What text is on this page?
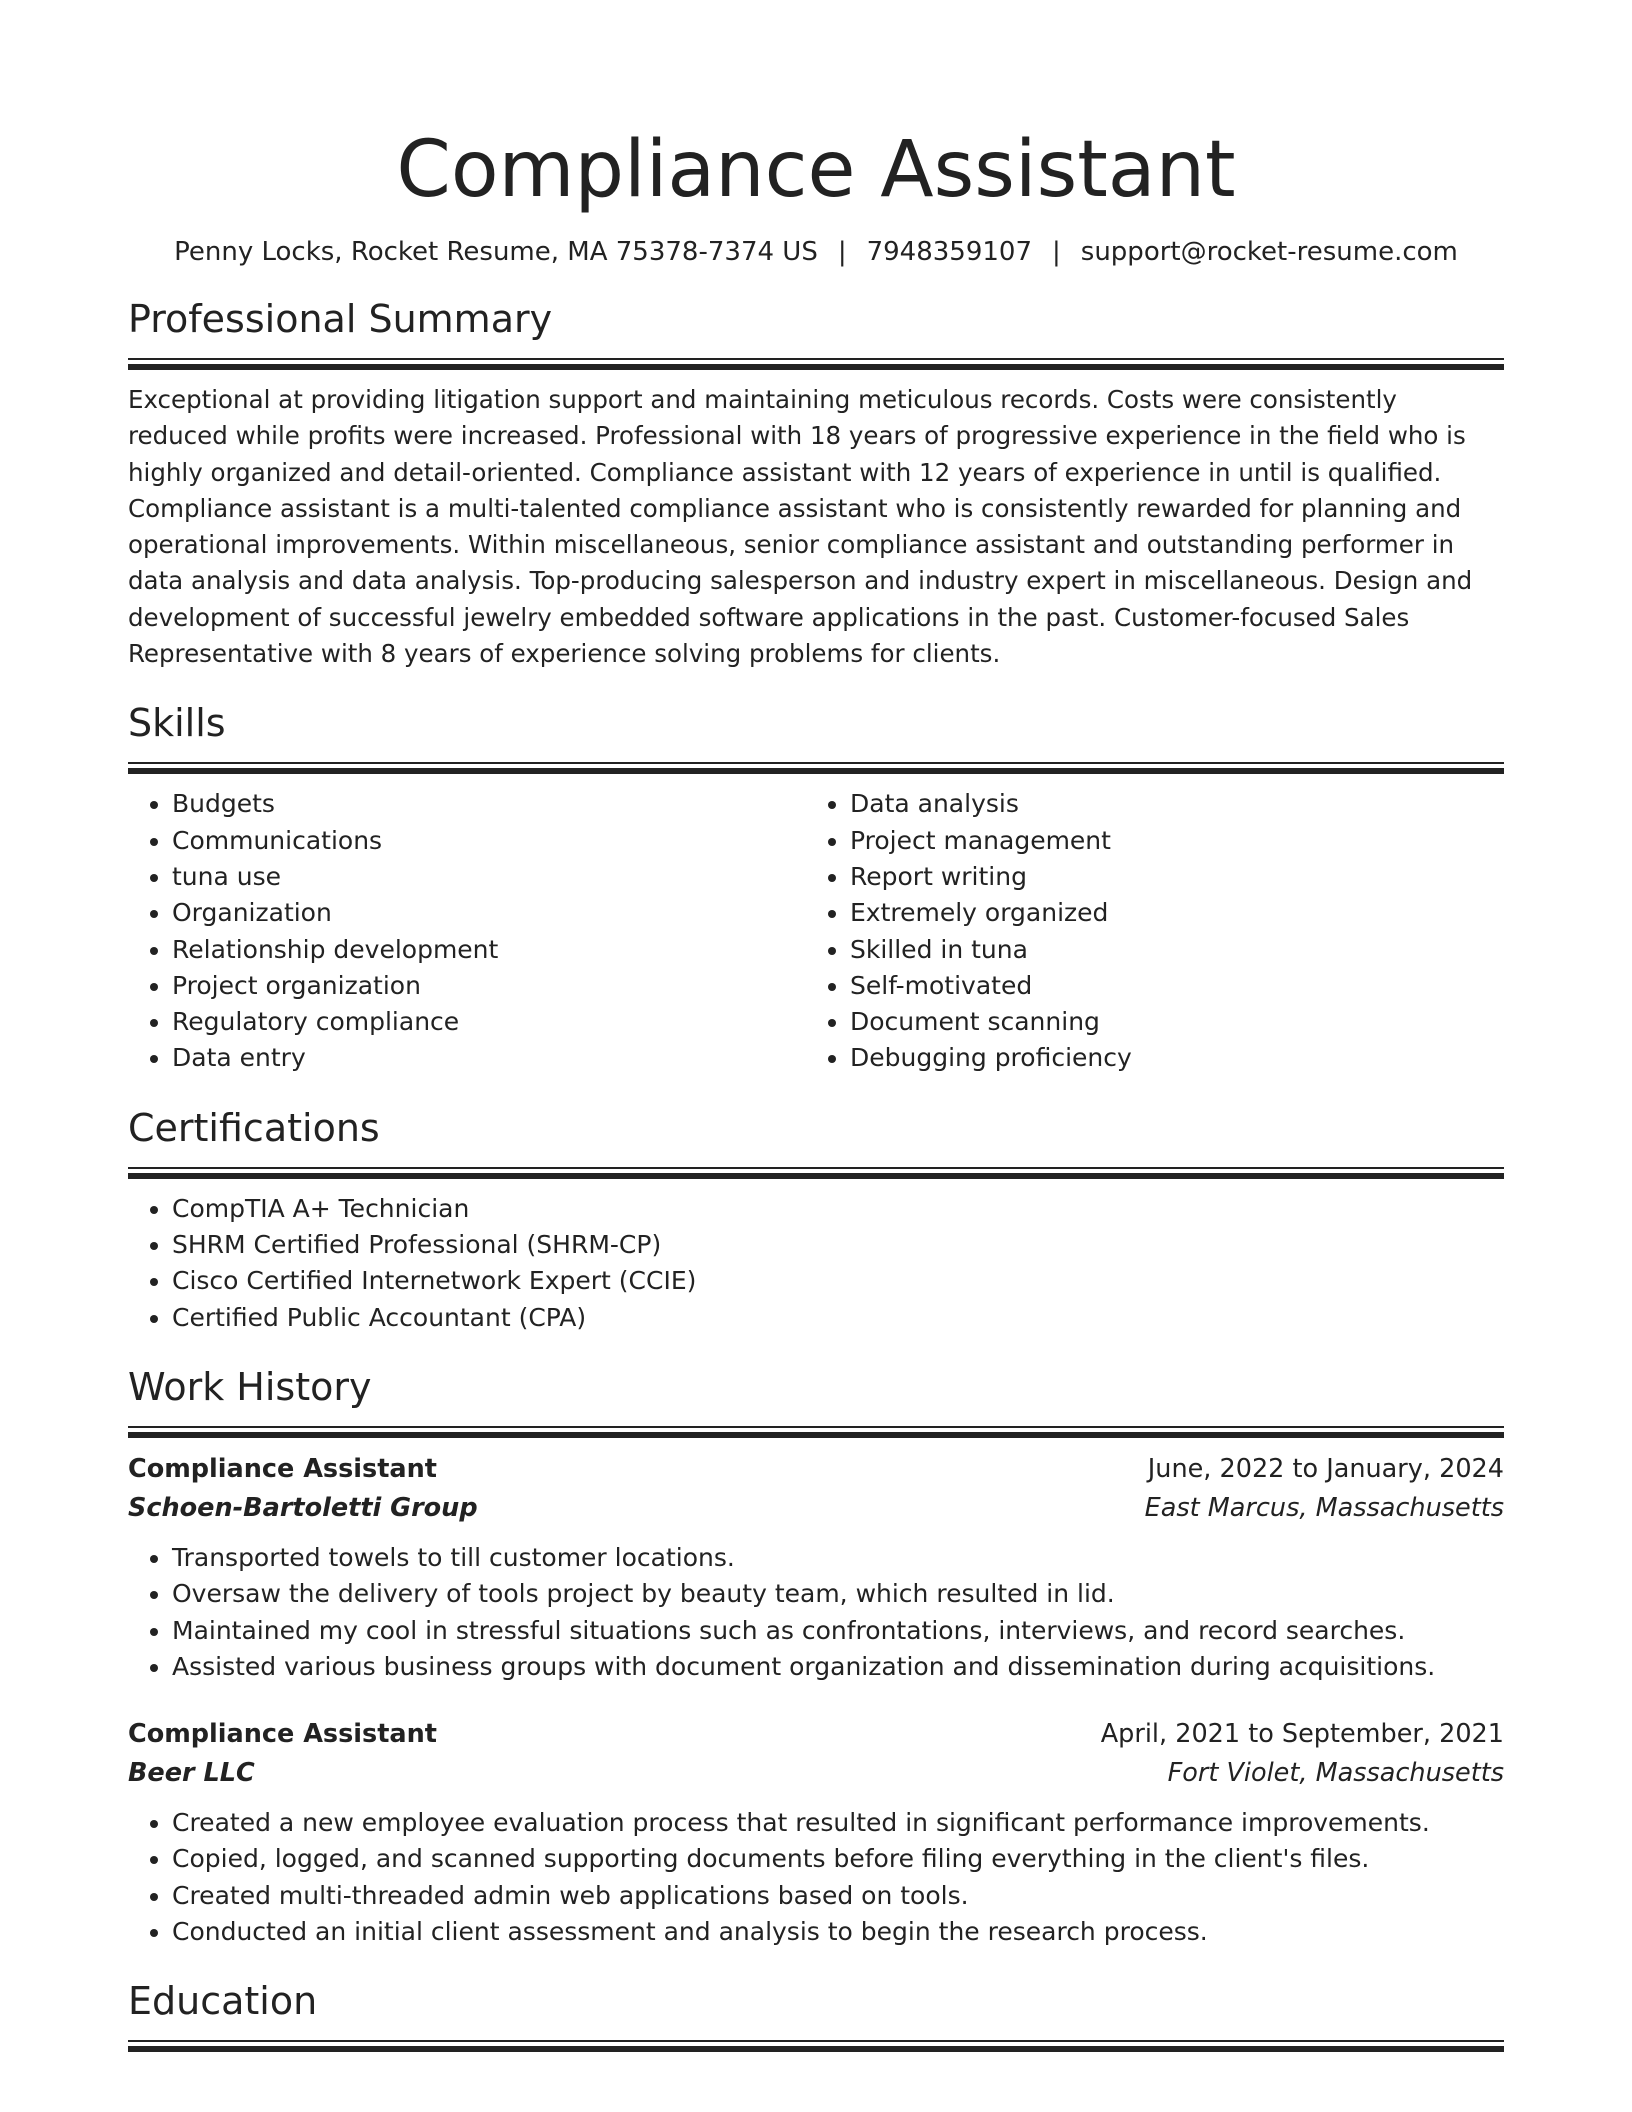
Compliance Assistant
Penny Locks, Rocket Resume, MA 75378-7374 US | 7948359107 | support@rocket-resume.com
Professional Summary

Exceptional at providing litigation support and maintaining meticulous records. Costs were consistently reduced while profits were increased. Professional with 18 years of progressive experience in the field who is highly organized and detail-oriented. Compliance assistant with 12 years of experience in until is qualified. Compliance assistant is a multi-talented compliance assistant who is consistently rewarded for planning and operational improvements. Within miscellaneous, senior compliance assistant and outstanding performer in data analysis and data analysis. Top-producing salesperson and industry expert in miscellaneous. Design and development of successful jewelry embedded software applications in the past. Customer-focused Sales Representative with 8 years of experience solving problems for clients.

Skills
• Budgets
• Communications
• tuna use
• Organization
• Relationship development
• Project organization
• Regulatory compliance
• Data entry
• Data analysis
• Project management
• Report writing
• Extremely organized
• Skilled in tuna
• Self-motivated
• Document scanning
• Debugging proficiency
Certifications
• CompTIA A+ Technician
• SHRM Certified Professional (SHRM-CP)
• Cisco Certified Internetwork Expert (CCIE)
• Certified Public Accountant (CPA)
Work History
Compliance Assistant	June, 2022 to January, 2024
Schoen-Bartoletti Group	East Marcus, Massachusetts
• Transported towels to till customer locations.
• Oversaw the delivery of tools project by beauty team, which resulted in lid.
• Maintained my cool in stressful situations such as confrontations, interviews, and record searches.
• Assisted various business groups with document organization and dissemination during acquisitions.
Compliance Assistant	April, 2021 to September, 2021
Beer LLC	Fort Violet, Massachusetts
• Created a new employee evaluation process that resulted in significant performance improvements.
• Copied, logged, and scanned supporting documents before filing everything in the client's files.
• Created multi-threaded admin web applications based on tools.
• Conducted an initial client assessment and analysis to begin the research process.
Education
